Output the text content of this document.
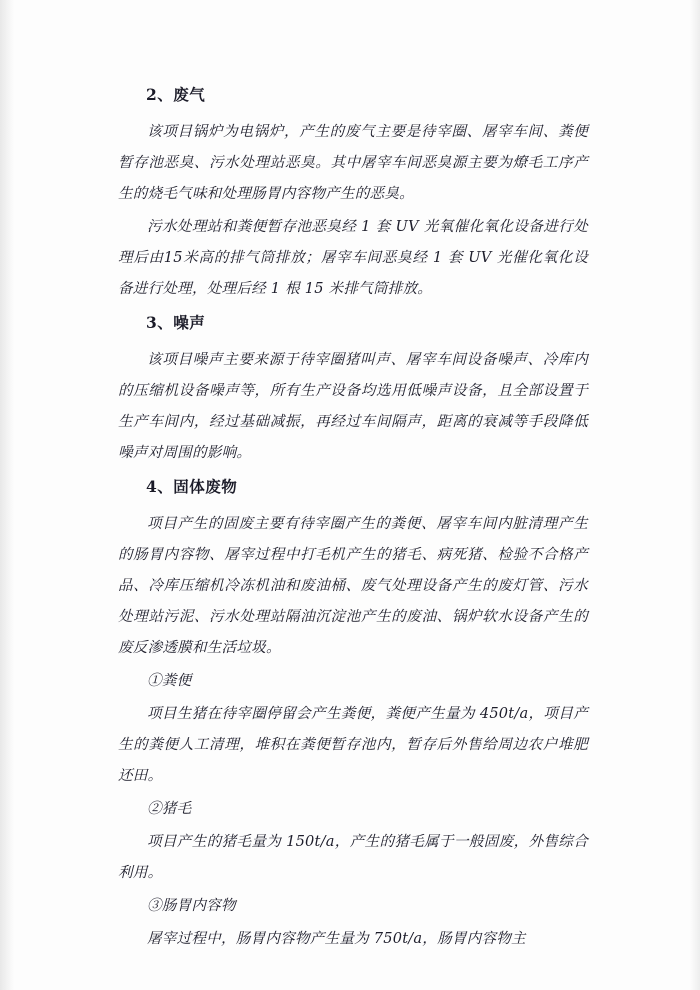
2、废气

该项目锅炉为电锅炉，产生的废气主要是待宰圈、屠宰车间、粪便暂存池恶臭、污水处理站恶臭。其中屠宰车间恶臭源主要为燎毛工序产生的烧毛气味和处理肠胃内容物产生的恶臭。

污水处理站和粪便暂存池恶臭经 1 套 UV 光氧催化氧化设备进行处理后由15米高的排气筒排放；屠宰车间恶臭经 1 套 UV 光催化氧化设备进行处理，处理后经 1 根 15 米排气筒排放。

3、噪声

该项目噪声主要来源于待宰圈猪叫声、屠宰车间设备噪声、冷库内的压缩机设备噪声等，所有生产设备均选用低噪声设备，且全部设置于生产车间内，经过基础减振，再经过车间隔声，距离的衰减等手段降低噪声对周围的影响。

4、固体废物

项目产生的固废主要有待宰圈产生的粪便、屠宰车间内脏清理产生的肠胃内容物、屠宰过程中打毛机产生的猪毛、病死猪、检验不合格产品、冷库压缩机冷冻机油和废油桶、废气处理设备产生的废灯管、污水处理站污泥、污水处理站隔油沉淀池产生的废油、锅炉软水设备产生的废反渗透膜和生活垃圾。

①粪便

项目生猪在待宰圈停留会产生粪便，粪便产生量为 450t/a，项目产生的粪便人工清理，堆积在粪便暂存池内，暂存后外售给周边农户堆肥还田。

②猪毛

项目产生的猪毛量为 150t/a，产生的猪毛属于一般固废，外售综合利用。

③肠胃内容物

屠宰过程中，肠胃内容物产生量为 750t/a，肠胃内容物主
